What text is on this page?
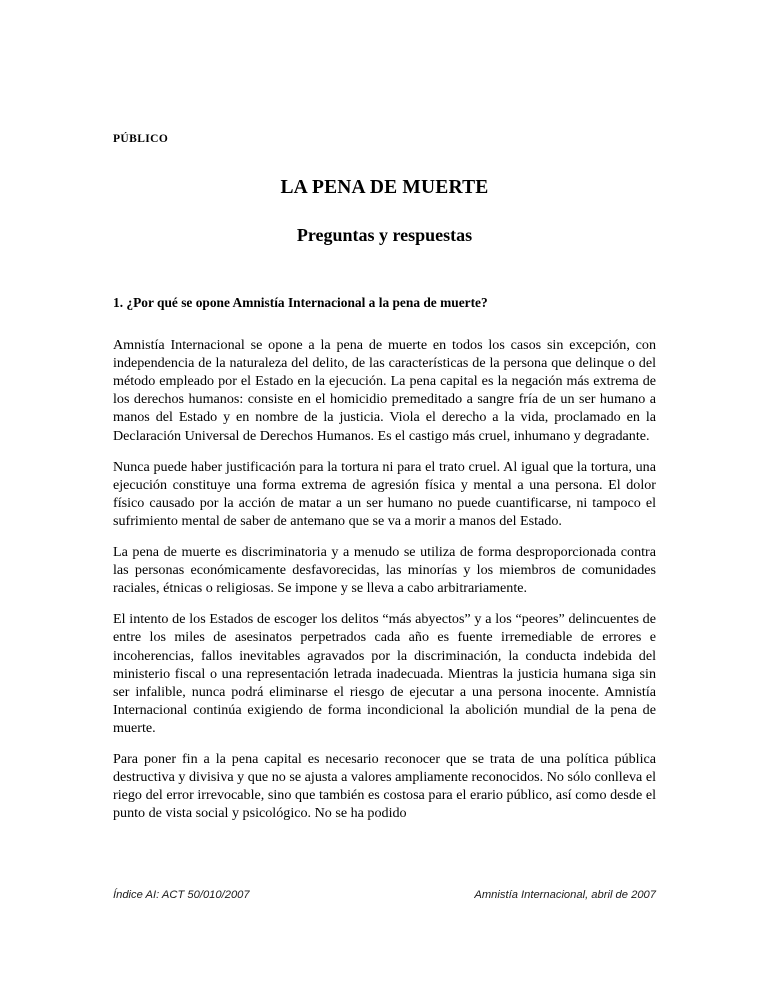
PÚBLICO
LA PENA DE MUERTE
Preguntas y respuestas
1. ¿Por qué se opone Amnistía Internacional a la pena de muerte?

Amnistía Internacional se opone a la pena de muerte en todos los casos sin excepción, con independencia de la naturaleza del delito, de las características de la persona que delinque o del método empleado por el Estado en la ejecución. La pena capital es la negación más extrema de los derechos humanos: consiste en el homicidio premeditado a sangre fría de un ser humano a manos del Estado y en nombre de la justicia. Viola el derecho a la vida, proclamado en la Declaración Universal de Derechos Humanos. Es el castigo más cruel, inhumano y degradante.

Nunca puede haber justificación para la tortura ni para el trato cruel. Al igual que la tortura, una ejecución constituye una forma extrema de agresión física y mental a una persona. El dolor físico causado por la acción de matar a un ser humano no puede cuantificarse, ni tampoco el sufrimiento mental de saber de antemano que se va a morir a manos del Estado.

La pena de muerte es discriminatoria y a menudo se utiliza de forma desproporcionada contra las personas económicamente desfavorecidas, las minorías y los miembros de comunidades raciales, étnicas o religiosas. Se impone y se lleva a cabo arbitrariamente.

El intento de los Estados de escoger los delitos “más abyectos” y a los “peores” delincuentes de entre los miles de asesinatos perpetrados cada año es fuente irremediable de errores e incoherencias, fallos inevitables agravados por la discriminación, la conducta indebida del ministerio fiscal o una representación letrada inadecuada. Mientras la justicia humana siga sin ser infalible, nunca podrá eliminarse el riesgo de ejecutar a una persona inocente. Amnistía Internacional continúa exigiendo de forma incondicional la abolición mundial de la pena de muerte.

Para poner fin a la pena capital es necesario reconocer que se trata de una política pública destructiva y divisiva y que no se ajusta a valores ampliamente reconocidos. No sólo conlleva el riego del error irrevocable, sino que también es costosa para el erario público, así como desde el punto de vista social y psicológico. No se ha podido

Índice AI: ACT 50/010/2007	Amnistía Internacional, abril de 2007
